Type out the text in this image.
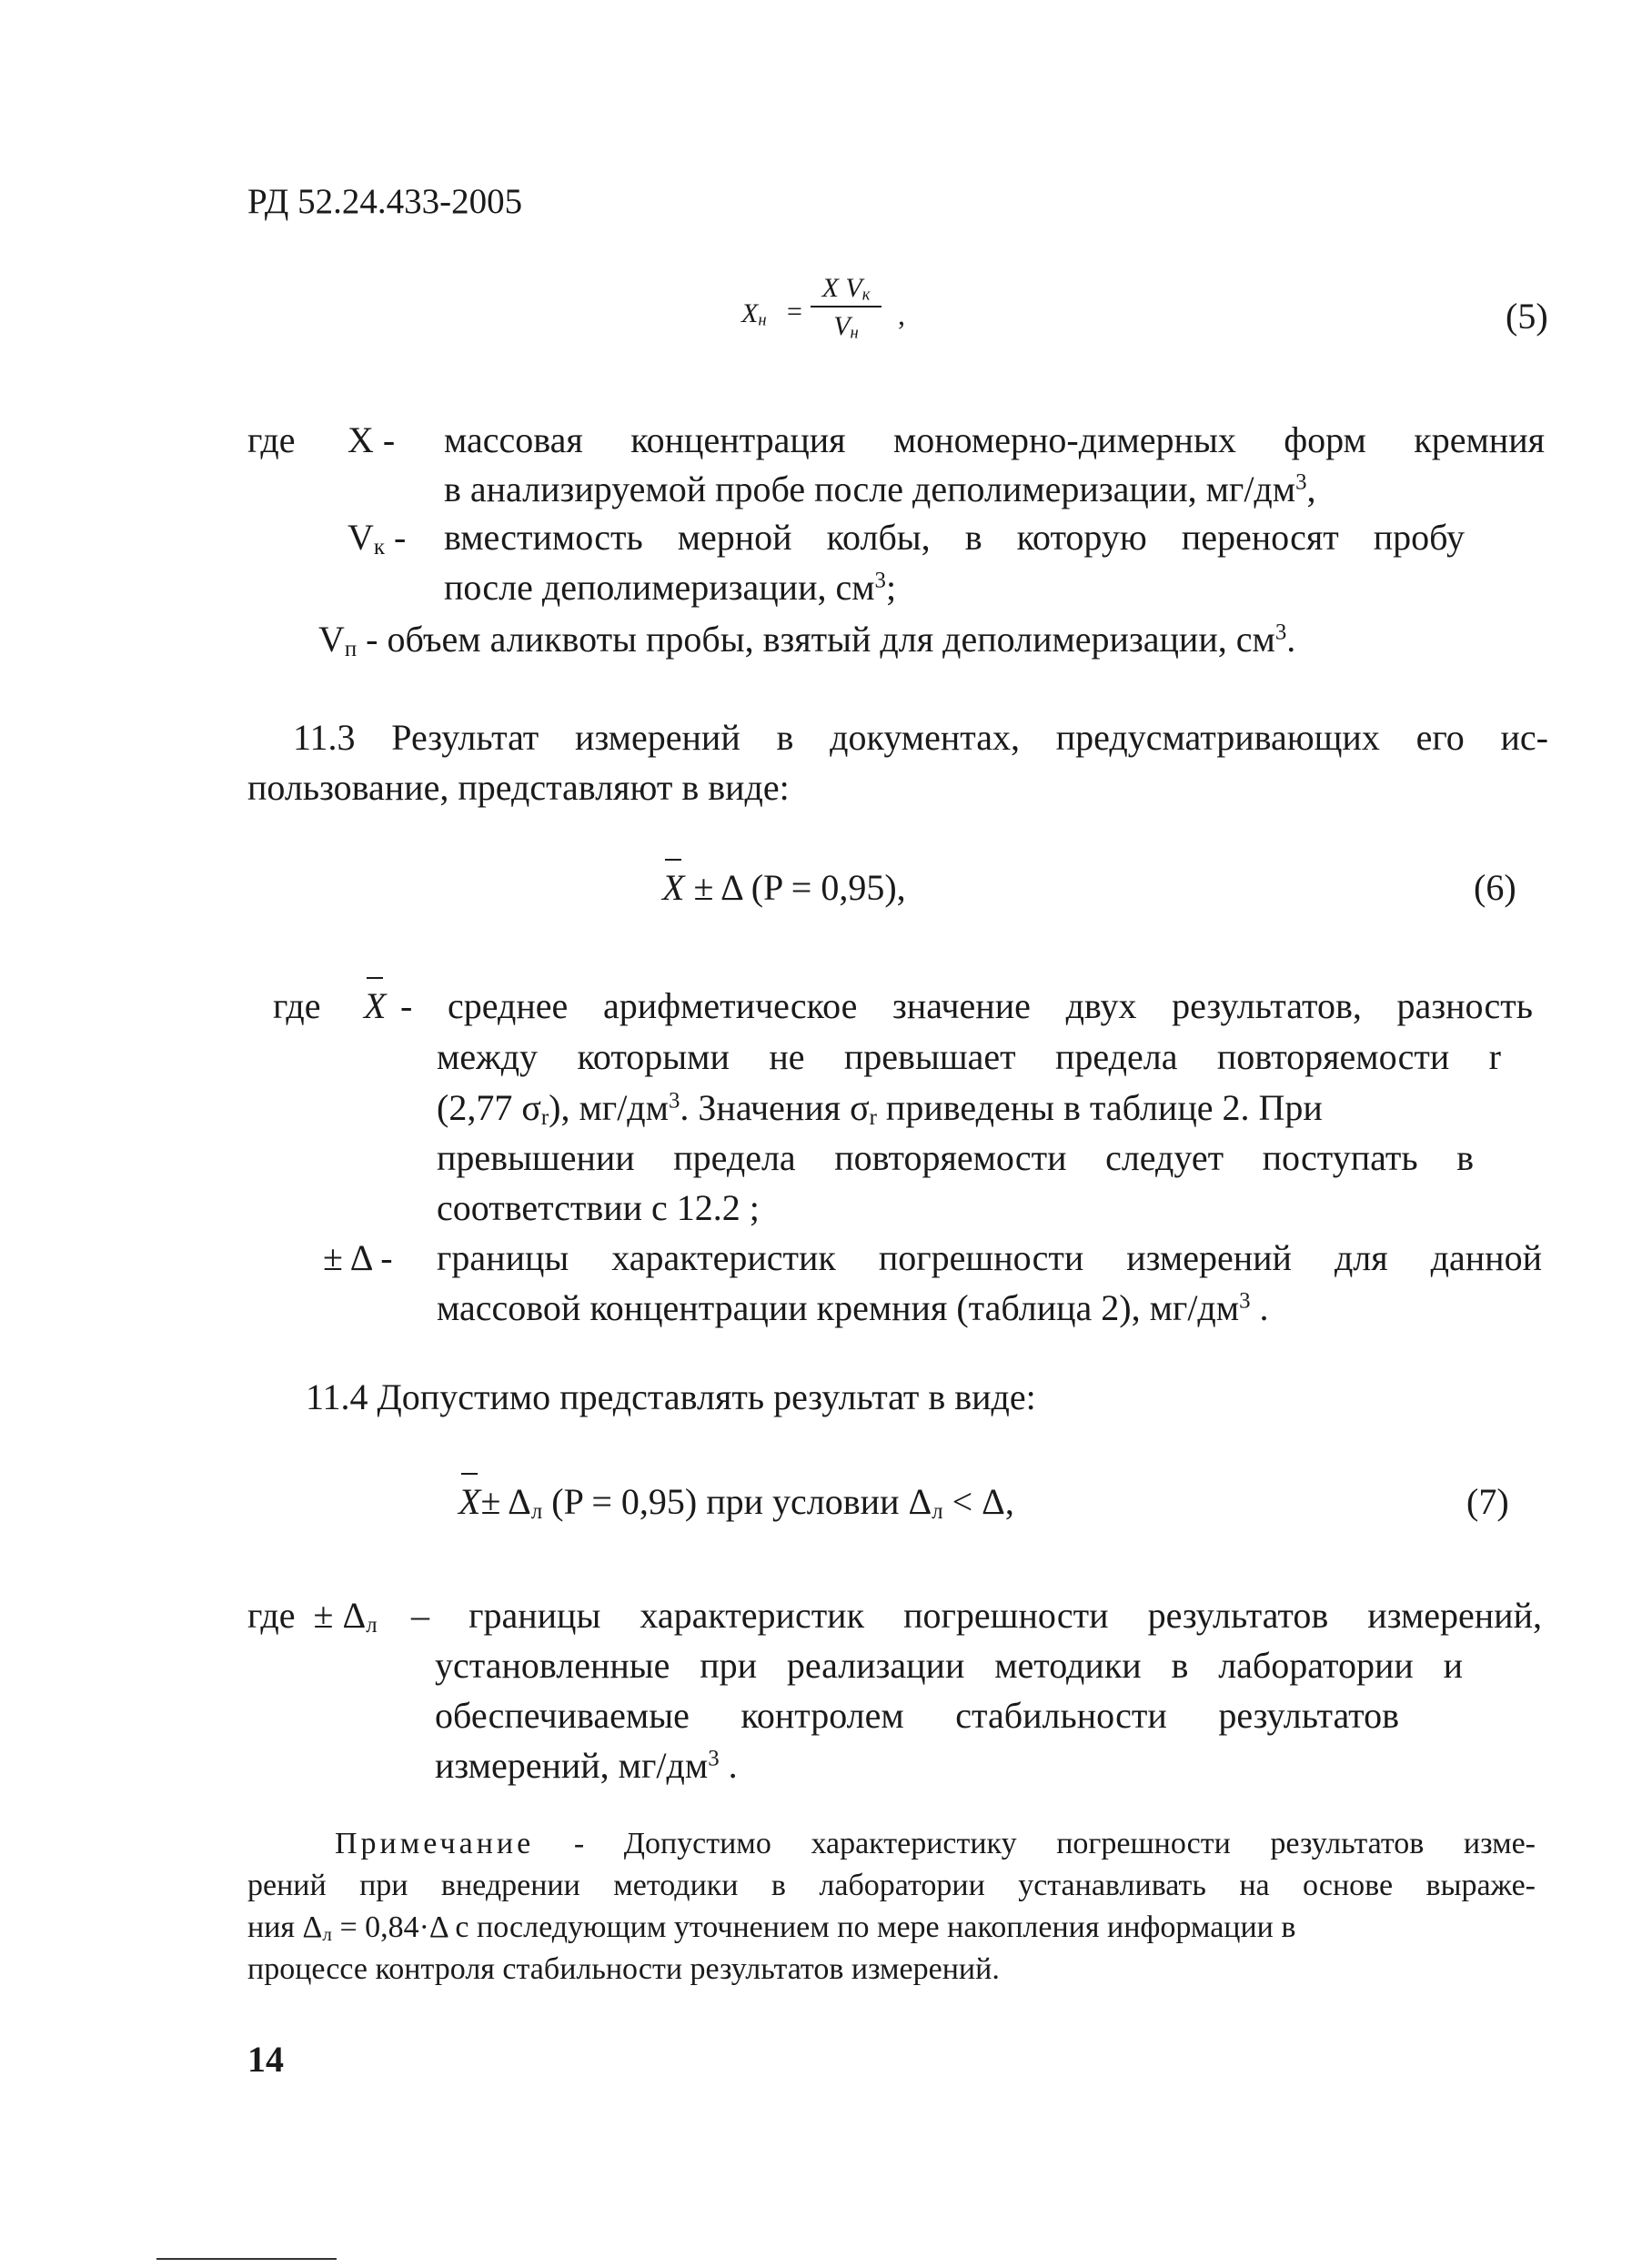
РД 52.24.433-2005
$X_н$ =
X $V_к$
$V_н$
,	(5)
где X - массовая концентрация мономерно-димерных форм кремния
в анализируемой пробе после деполимеризации, $мг/дм^3$,
$V_к$ - вместимость мерной колбы, в которую переносят пробу
после деполимеризации, $см^3$;
$V_п$ - объем аликвоты пробы, взятый для деполимеризации, $см^3$.
11.3 Результат измерений в документах, предусматривающих его ис-
пользование, представляют в виде:
X ± Δ (P = 0,95),	(6)
где X - среднее арифметическое значение двух результатов, разность
между которыми не превышает предела повторяемости r
(2,77 $\sigma_r$), $мг/дм^3$. Значения $\sigma_r$ приведены в таблице 2. При
превышении предела повторяемости следует поступать в
соответствии с 12.2 ;
± Δ - границы характеристик погрешности измерений для данной
массовой концентрации кремния (таблица 2), $мг/дм^3$ .
11.4 Допустимо представлять результат в виде:
$X\pm \Delta_л$ (P = 0,95) при условии $\Delta_л < \Delta$,	(7)
где ± $\Delta_л$ – границы характеристик погрешности результатов измерений,
установленные при реализации методики в лаборатории и
обеспечиваемые контролем стабильности результатов
измерений, $мг/дм^3$ .
Примечание - Допустимо характеристику погрешности результатов изме-
рений при внедрении методики в лаборатории устанавливать на основе выраже-
ния $\Delta_л = 0,84\cdot\Delta$ с последующим уточнением по мере накопления информации в
процессе контроля стабильности результатов измерений.
14
